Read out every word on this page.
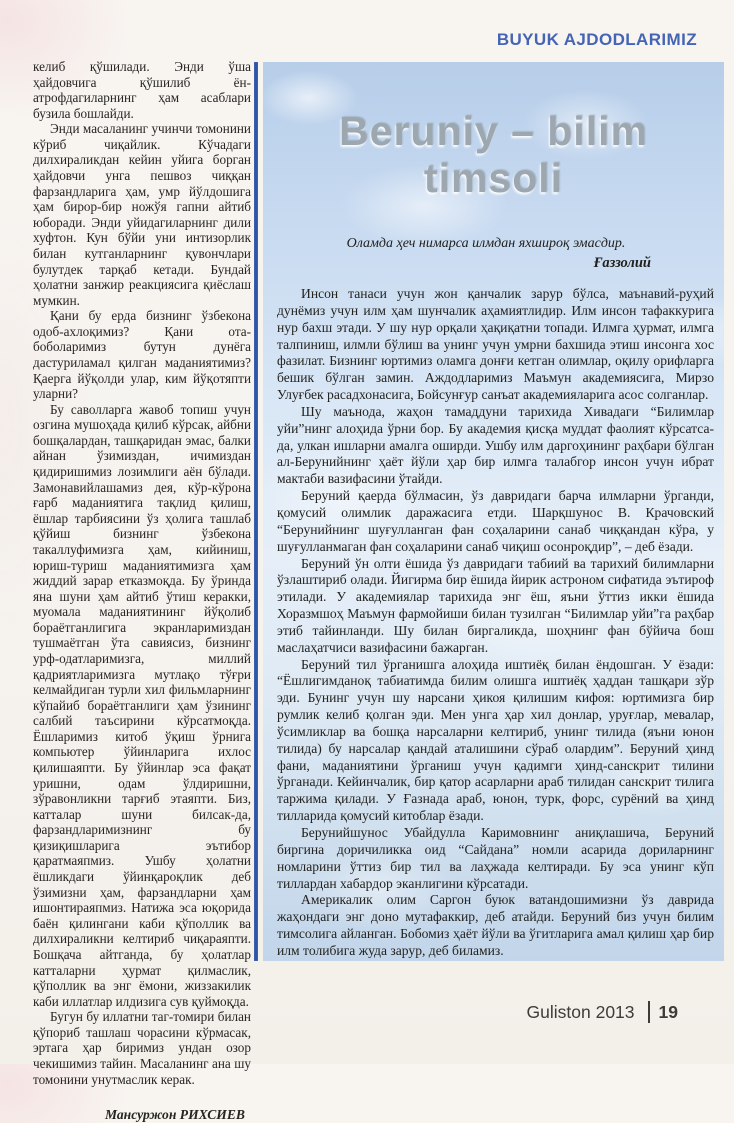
BUYUK AJDODLARIMIZ

келиб қўшилади. Энди ўша ҳайдовчига қўшилиб ён-атрофдагиларнинг ҳам асаблари бузила бошлайди.

Энди масаланинг учинчи томонини кўриб чиқайлик. Кўчадаги дилхираликдан кейин уйига борган ҳайдовчи унга пешвоз чиққан фарзандларига ҳам, умр йўлдошига ҳам бирор-бир ножўя гапни айтиб юборади. Энди уйидагиларнинг дили хуфтон. Кун бўйи уни интизорлик билан кутганларнинг қувончлари булутдек тарқаб кетади. Бундай ҳолатни занжир реакциясига қиёслаш мумкин.

Қани бу ерда бизнинг ўзбекона одоб-ахлоқимиз? Қани ота-боболаримиз бутун дунёга дастуриламал қилган маданиятимиз? Қаерга йўқолди улар, ким йўқотяпти уларни?

Бу саволларга жавоб топиш учун озгина мушоҳада қилиб кўрсак, айбни бошқалардан, ташқаридан эмас, балки айнан ўзимиздан, ичимиздан қидиришимиз лозимлиги аён бўлади. Замонавийлашамиз дея, кўр-кўрона ғарб маданиятига тақлид қилиш, ёшлар тарбиясини ўз ҳолига ташлаб қўйиш бизнинг ўзбекона такаллуфимизга ҳам, кийиниш, юриш-туриш маданиятимизга ҳам жиддий зарар етказмоқда. Бу ўринда яна шуни ҳам айтиб ўтиш керакки, муомала маданиятининг йўқолиб бораётганлигига экранларимиздан тушмаётган ўта савиясиз, бизнинг урф-одатларимизга, миллий қадриятларимизга мутлақо тўғри келмайдиган турли хил фильмларнинг кўпайиб бораётганлиги ҳам ўзининг салбий таъсирини кўрсатмоқда. Ёшларимиз китоб ўқиш ўрнига компьютер ўйинларига ихлос қилишаяпти. Бу ўйинлар эса фақат уришни, одам ўлдиришни, зўравонликни тарғиб этаяпти. Биз, катталар шуни билсак-да, фарзандларимизнинг бу қизиқишларига эътибор қаратмаяпмиз. Ушбу ҳолатни ёшликдаги ўйинқароқлик деб ўзимизни ҳам, фарзандларни ҳам ишонтираяпмиз. Натижа эса юқорида баён қилингани каби қўполлик ва дилхираликни келтириб чиқараяпти. Бошқача айтганда, бу ҳолатлар катталарни ҳурмат қилмаслик, қўполлик ва энг ёмони, жиззакилик каби иллатлар илдизига сув қуймоқда.

Бугун бу иллатни таг-томири билан қўпориб ташлаш чорасини кўрмасак, эртага ҳар биримиз ундан озор чекишимиз тайин. Масаланинг ана шу томонини унутмаслик керак.

Мансуржон РИХСИЕВ
Beruniy – bilim timsoli
Оламда ҳеч нимарса илмдан яхшироқ эмасдир.
Ғаззолий

Инсон танаси учун жон қанчалик зарур бўлса, маънавий-руҳий дунёмиз учун илм ҳам шунчалик аҳамиятлидир. Илм инсон тафаккурига нур бахш этади. У шу нур орқали ҳақиқатни топади. Илмга ҳурмат, илмга талпиниш, илмли бўлиш ва унинг учун умрни бахшида этиш инсонга хос фазилат. Бизнинг юртимиз оламга донғи кетган олимлар, оқилу орифларга бешик бўлган замин. Аждодларимиз Маъмун академиясига, Мирзо Улуғбек расадхонасига, Бойсунғур санъат академияларига асос солганлар.

Шу маънода, жаҳон тамаддуни тарихида Хивадаги “Билимлар уйи”нинг алоҳида ўрни бор. Бу академия қисқа муддат фаолият кўрсатса-да, улкан ишларни амалга оширди. Ушбу илм даргоҳининг раҳбари бўлган ал-Берунийнинг ҳаёт йўли ҳар бир илмга талабгор инсон учун ибрат мактаби вазифасини ўтайди.

Беруний қаерда бўлмасин, ўз давридаги барча илмларни ўрганди, қомусий олимлик даражасига етди. Шарқшунос В. Крачовский “Берунийнинг шуғулланган фан соҳаларини санаб чиққандан кўра, у шуғулланмаган фан соҳаларини санаб чиқиш осонроқдир”, – деб ёзади.

Беруний ўн олти ёшида ўз давридаги табиий ва тарихий билимларни ўзлаштириб олади. Йигирма бир ёшида йирик астроном сифатида эътироф этилади. У академиялар тарихида энг ёш, яъни ўттиз икки ёшида Хоразмшоҳ Маъмун фармойиши билан тузилган “Билимлар уйи”га раҳбар этиб тайинланди. Шу билан биргаликда, шоҳнинг фан бўйича бош маслаҳатчиси вазифасини бажарган.

Беруний тил ўрганишга алоҳида иштиёқ билан ёндошган. У ёзади: “Ёшлигимданоқ табиатимда билим олишга иштиёқ ҳаддан ташқари зўр эди. Бунинг учун шу нарсани ҳикоя қилишим кифоя: юртимизга бир румлик келиб қолган эди. Мен унга ҳар хил донлар, уруғлар, мевалар, ўсимликлар ва бошқа нарсаларни келтириб, унинг тилида (яъни юнон тилида) бу нарсалар қандай аталишини сўраб олардим”. Беруний ҳинд фани, маданиятини ўрганиш учун қадимги ҳинд-санскрит тилини ўрганади. Кейинчалик, бир қатор асарларни араб тилидан санскрит тилига таржима қилади. У Ғазнада араб, юнон, турк, форс, сурёний ва ҳинд тилларида қомусий китоблар ёзади.

Берунийшунос Убайдулла Каримовнинг аниқлашича, Беруний биргина доричиликка оид “Сайдана” номли асарида дориларнинг номларини ўттиз бир тил ва лаҳжада келтиради. Бу эса унинг кўп тиллардан хабардор эканлигини кўрсатади.

Америкалик олим Саргон буюк ватандошимизни ўз даврида жаҳондаги энг доно мутафаккир, деб атайди. Беруний биз учун билим тимсолига айланган. Бобомиз ҳаёт йўли ва ўгитларига амал қилиш ҳар бир илм толибига жуда зарур, деб биламиз.

Guliston 2013 19
